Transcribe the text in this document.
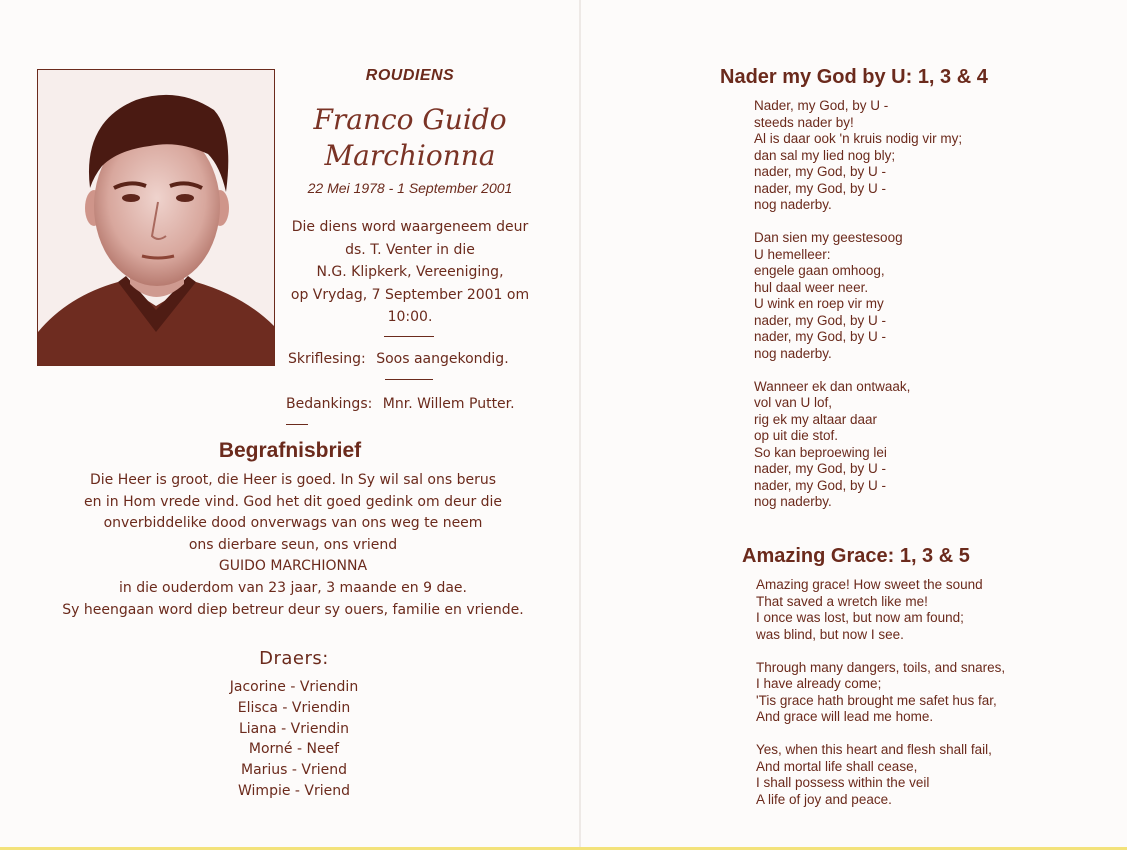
ROUDIENS
Franco Guido
Marchionna
22 Mei 1978 - 1 September 2001
Die diens word waargeneem deur
ds. T. Venter in die
N.G. Klipkerk, Vereeniging,
op Vrydag, 7 September 2001 om
10:00.
Skriflesing: Soos aangekondig.
Bedankings: Mnr. Willem Putter.
Begrafnisbrief
Die Heer is groot, die Heer is goed. In Sy wil sal ons berus
en in Hom vrede vind. God het dit goed gedink om deur die
onverbiddelike dood onverwags van ons weg te neem
ons dierbare seun, ons vriend
GUIDO MARCHIONNA
in die ouderdom van 23 jaar, 3 maande en 9 dae.
Sy heengaan word diep betreur deur sy ouers, familie en vriende.
Draers:
Jacorine - Vriendin
Elisca - Vriendin
Liana - Vriendin
Morné - Neef
Marius - Vriend
Wimpie - Vriend
Nader my God by U: 1, 3 & 4
Nader, my God, by U -
steeds nader by!
Al is daar ook 'n kruis nodig vir my;
dan sal my lied nog bly;
nader, my God, by U -
nader, my God, by U -
nog naderby.
Dan sien my geestesoog
U hemelleer:
engele gaan omhoog,
hul daal weer neer.
U wink en roep vir my
nader, my God, by U -
nader, my God, by U -
nog naderby.
Wanneer ek dan ontwaak,
vol van U lof,
rig ek my altaar daar
op uit die stof.
So kan beproewing lei
nader, my God, by U -
nader, my God, by U -
nog naderby.
Amazing Grace: 1, 3 & 5
Amazing grace! How sweet the sound
That saved a wretch like me!
I once was lost, but now am found;
was blind, but now I see.
Through many dangers, toils, and snares,
I have already come;
'Tis grace hath brought me safet hus far,
And grace will lead me home.
Yes, when this heart and flesh shall fail,
And mortal life shall cease,
I shall possess within the veil
A life of joy and peace.
